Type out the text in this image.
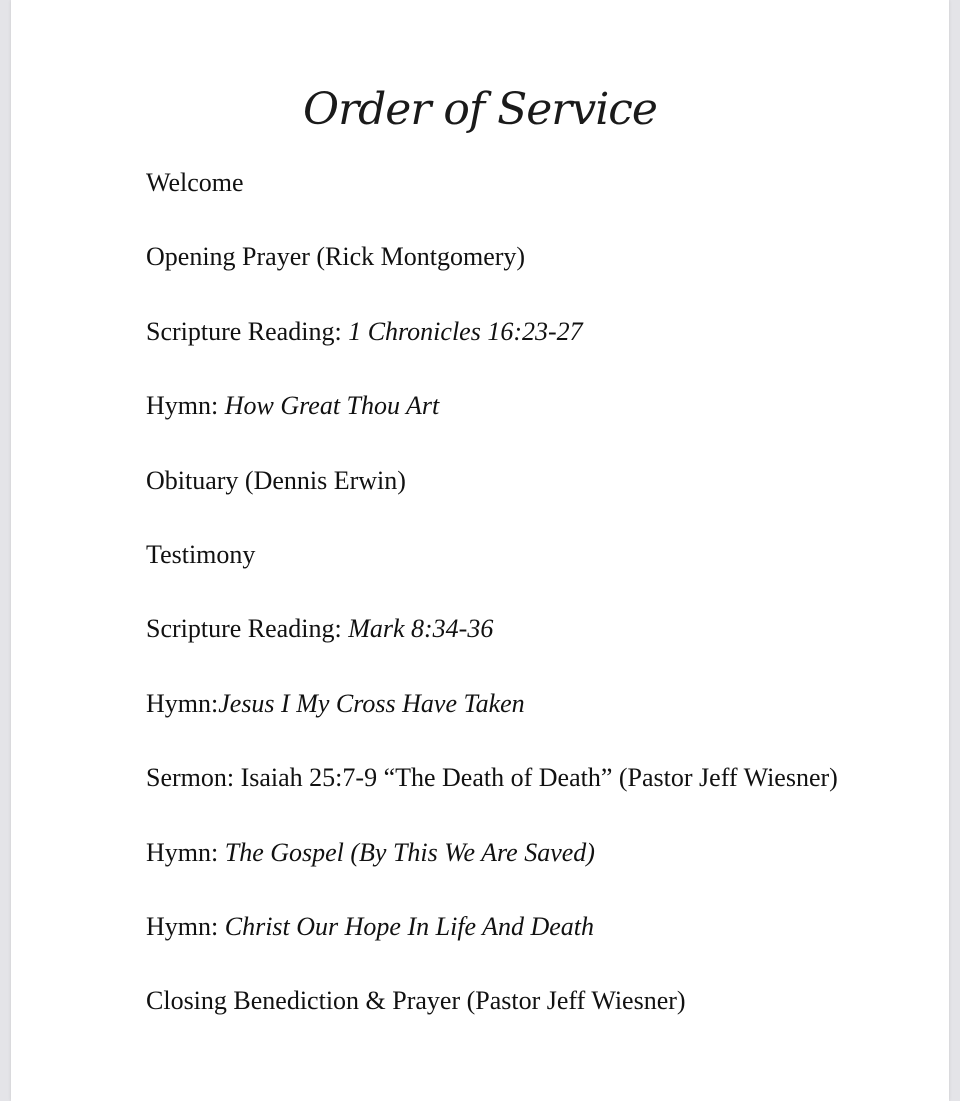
Order of Service
Welcome
Opening Prayer (Rick Montgomery)
Scripture Reading: 1 Chronicles 16:23-27
Hymn: How Great Thou Art
Obituary (Dennis Erwin)
Testimony
Scripture Reading: Mark 8:34-36
Hymn:Jesus I My Cross Have Taken
Sermon: Isaiah 25:7-9 “The Death of Death” (Pastor Jeff Wiesner)
Hymn: The Gospel (By This We Are Saved)
Hymn: Christ Our Hope In Life And Death
Closing Benediction & Prayer (Pastor Jeff Wiesner)
